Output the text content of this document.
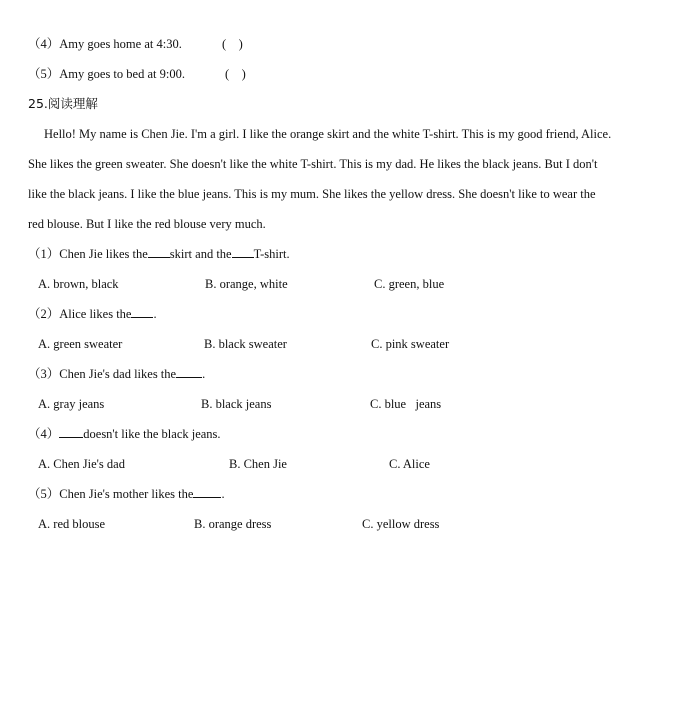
（4）Amy goes home at 4:30.	(　)
（5）Amy goes to bed at 9:00.	(　)
25.阅读理解
Hello! My name is Chen Jie. I'm a girl. I like the orange skirt and the white T-shirt. This is my good friend, Alice.
She likes the green sweater. She doesn't like the white T-shirt. This is my dad. He likes the black jeans. But I don't
like the black jeans. I like the blue jeans. This is my mum. She likes the yellow dress. She doesn't like to wear the
red blouse. But I like the red blouse very much.
（1）Chen Jie likes the skirt and the T-shirt.
A. brown, black	B. orange, white	C. green, blue
（2）Alice likes the .
A. green sweater	B. black sweater	C. pink sweater
（3）Chen Jie's dad likes the .
A. gray jeans	B. black jeans	C. blue   jeans
（4） doesn't like the black jeans.
A. Chen Jie's dad	B. Chen Jie	C. Alice
（5）Chen Jie's mother likes the .
A. red blouse	B. orange dress	C. yellow dress
